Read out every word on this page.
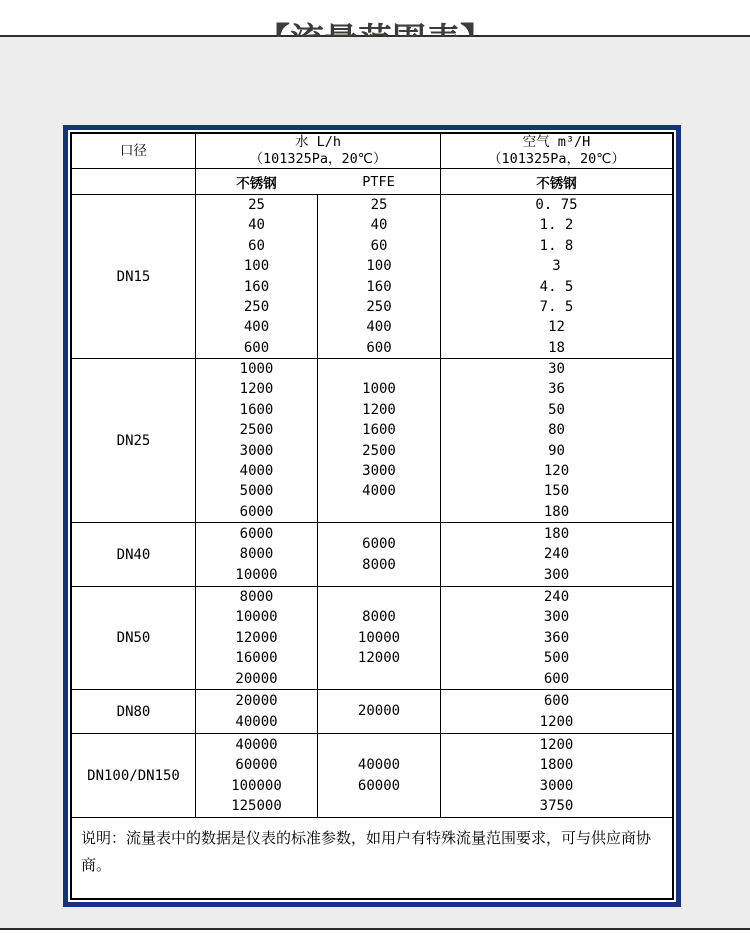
口径
水 L/h
（101325Pa，20℃）
空气 m³/H
（101325Pa，20℃）
不锈钢	PTFE	不锈钢
DN15
25
40
60
100
160
250
400
600
25
40
60
100
160
250
400
600
0. 75
1. 2
1. 8
3
4. 5
7. 5
12
18
DN25
1000
1200
1600
2500
3000
4000
5000
6000
1000
1200
1600
2500
3000
4000
30
36
50
80
90
120
150
180
DN40
6000
8000
10000
6000
8000
180
240
300
DN50
8000
10000
12000
16000
20000
8000
10000
12000
240
300
360
500
600
DN80
20000
40000
20000
600
1200
DN100/DN150
40000
60000
100000
125000
40000
60000
1200
1800
3000
3750
说明：流量表中的数据是仪表的标准参数，如用户有特殊流量范围要求，可与供应商协商。
